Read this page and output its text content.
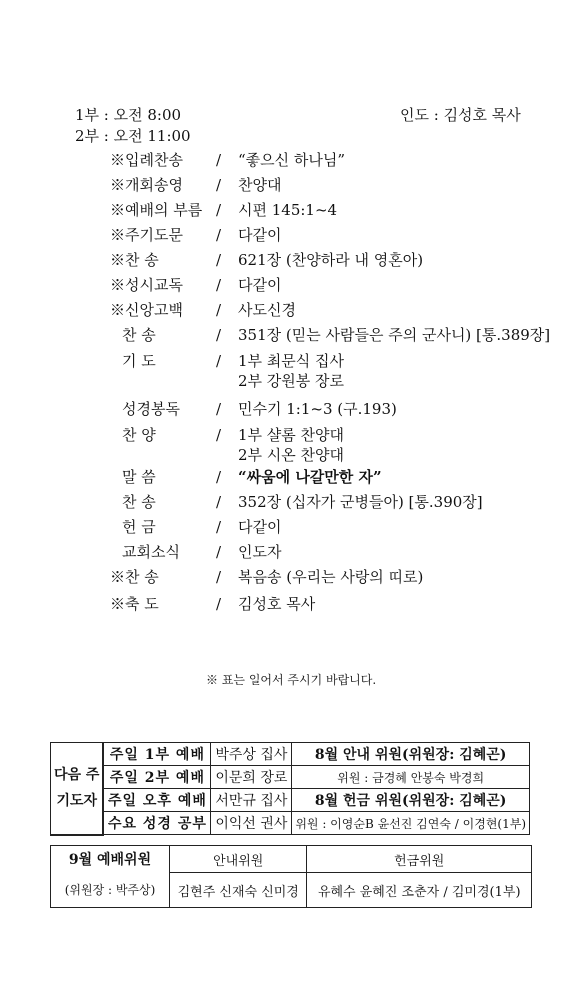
1부 : 오전 8:00
2부 : 오전 11:00
인도 : 김성호 목사
※입례찬송 / “좋으신 하나님”
※개회송영 / 찬양대
※예배의 부름 / 시편 145:1~4
※주기도문 / 다같이
※찬 송	/ 621장 (찬양하라 내 영혼아)
※성시교독 / 다같이
※신앙고백 / 사도신경
찬 송	/ 351장 (믿는 사람들은 주의 군사니) [통.389장]
기 도	/ 1부 최문식 집사
2부 강원봉 장로
성경봉독 / 민수기 1:1~3 (구.193)
찬 양	/ 1부 샬롬 찬양대
2부 시온 찬양대
말 씀	/ “싸움에 나갈만한 자”
찬 송	/ 352장 (십자가 군병들아) [통.390장]
헌 금	/ 다같이
교회소식 / 인도자
※찬 송	/ 복음송 (우리는 사랑의 띠로)
※축 도	/ 김성호 목사
※ 표는 일어서 주시기 바랍니다.
다음 주
기도자	주일 1부 예배	박주상 집사	8월 안내 위원(위원장: 김혜곤)
	주일 2부 예배	이문희 장로	위원 : 금경혜 안봉숙 박경희
	주일 오후 예배	서만규 집사	8월 헌금 위원(위원장: 김혜곤)
	수요 성경 공부	이익선 권사	위원 : 이영순B 윤선진 김연숙 / 이경현(1부)
9월 예배위원	안내위원	헌금위원
(위원장 : 박주상)	김현주 신재숙 신미경	유혜수 윤혜진 조춘자 / 김미경(1부)
